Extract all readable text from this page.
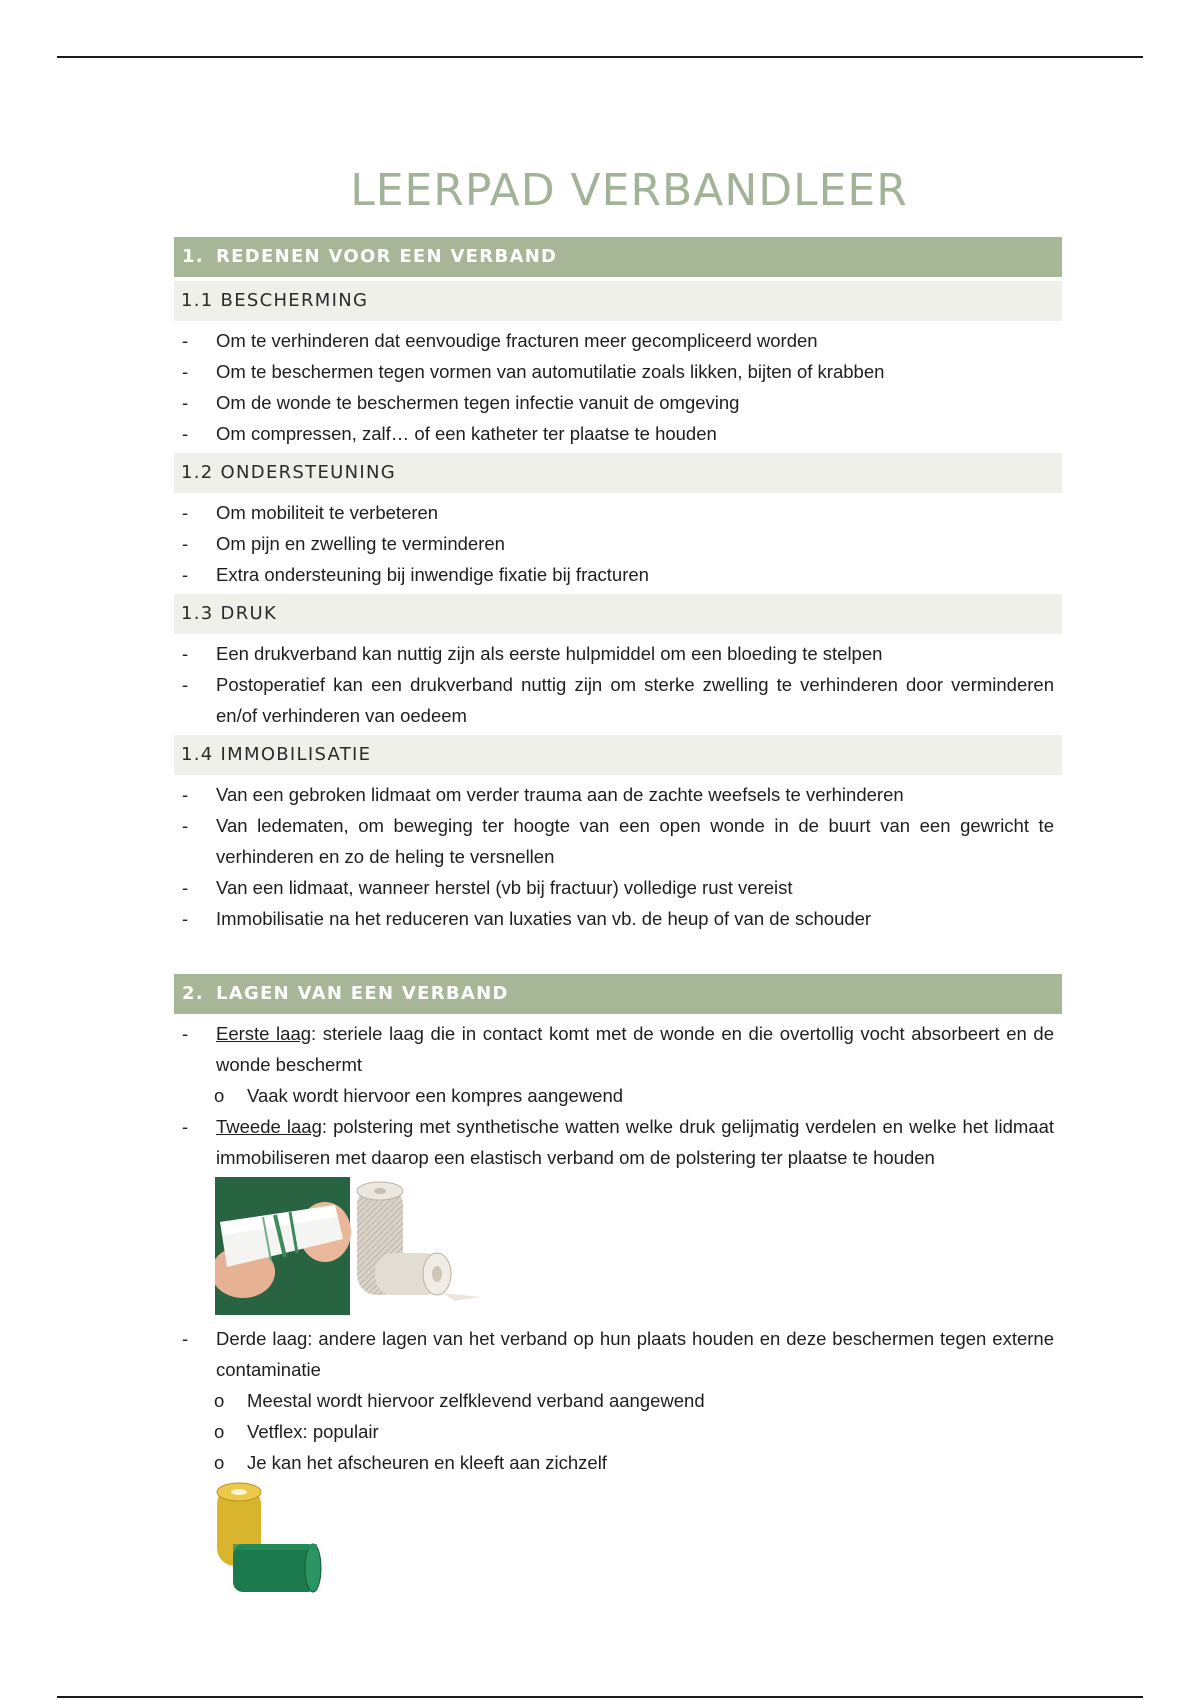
LEERPAD VERBANDLEER
1. REDENEN VOOR EEN VERBAND
1.1 BESCHERMING
- Om te verhinderen dat eenvoudige fracturen meer gecompliceerd worden
- Om te beschermen tegen vormen van automutilatie zoals likken, bijten of krabben
- Om de wonde te beschermen tegen infectie vanuit de omgeving
- Om compressen, zalf… of een katheter ter plaatse te houden
1.2 ONDERSTEUNING
- Om mobiliteit te verbeteren
- Om pijn en zwelling te verminderen
- Extra ondersteuning bij inwendige fixatie bij fracturen
1.3 DRUK
- Een drukverband kan nuttig zijn als eerste hulpmiddel om een bloeding te stelpen
- Postoperatief kan een drukverband nuttig zijn om sterke zwelling te verhinderen door verminderen en/of verhinderen van oedeem
1.4 IMMOBILISATIE
- Van een gebroken lidmaat om verder trauma aan de zachte weefsels te verhinderen
- Van ledematen, om beweging ter hoogte van een open wonde in de buurt van een gewricht te verhinderen en zo de heling te versnellen
- Van een lidmaat, wanneer herstel (vb bij fractuur) volledige rust vereist
- Immobilisatie na het reduceren van luxaties van vb. de heup of van de schouder
2. LAGEN VAN EEN VERBAND
- Eerste laag: steriele laag die in contact komt met de wonde en die overtollig vocht absorbeert en de wonde beschermt
o Vaak wordt hiervoor een kompres aangewend
- Tweede laag: polstering met synthetische watten welke druk gelijmatig verdelen en welke het lidmaat immobiliseren met daarop een elastisch verband om de polstering ter plaatse te houden
- Derde laag: andere lagen van het verband op hun plaats houden en deze beschermen tegen externe contaminatie
o Meestal wordt hiervoor zelfklevend verband aangewend
o Vetflex: populair
o Je kan het afscheuren en kleeft aan zichzelf
